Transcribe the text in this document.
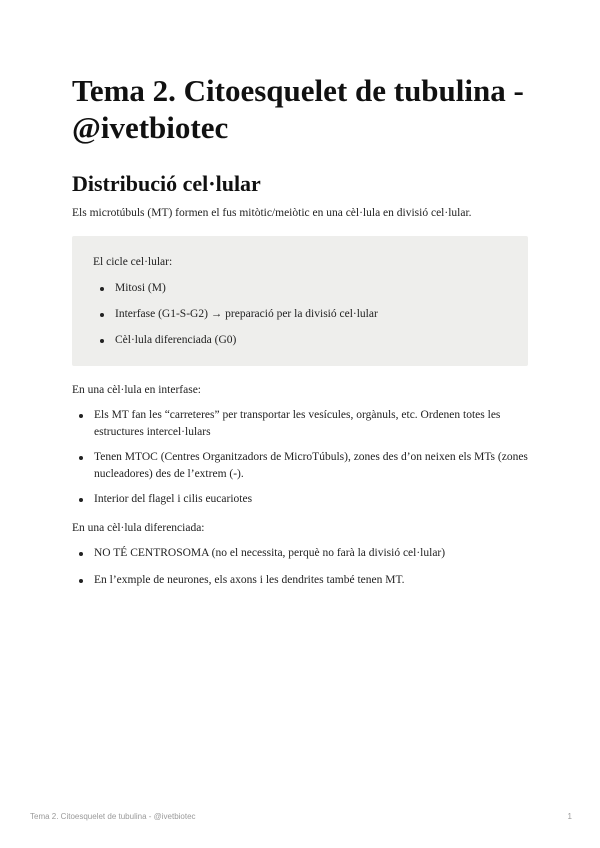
Tema 2. Citoesquelet de tubulina - @ivetbiotec
Distribució cel·lular

Els microtúbuls (MT) formen el fus mitòtic/meiòtic en una cèl·lula en divisió cel·lular.

El cicle cel·lular:
Mitosi (M)
Interfase (G1-S-G2) → preparació per la divisió cel·lular
Cèl·lula diferenciada (G0)

En una cèl·lula en interfase:

Els MT fan les “carreteres” per transportar les vesícules, orgànuls, etc. Ordenen totes les estructures intercel·lulars
Tenen MTOC (Centres Organitzadors de MicroTúbuls), zones des d’on neixen els MTs (zones nucleadores) des de l’extrem (-).
Interior del flagel i cilis eucariotes

En una cèl·lula diferenciada:

NO TÉ CENTROSOMA (no el necessita, perquè no farà la divisió cel·lular)
En l’exmple de neurones, els axons i les dendrites també tenen MT.
Tema 2. Citoesquelet de tubulina - @ivetbiotec	1
